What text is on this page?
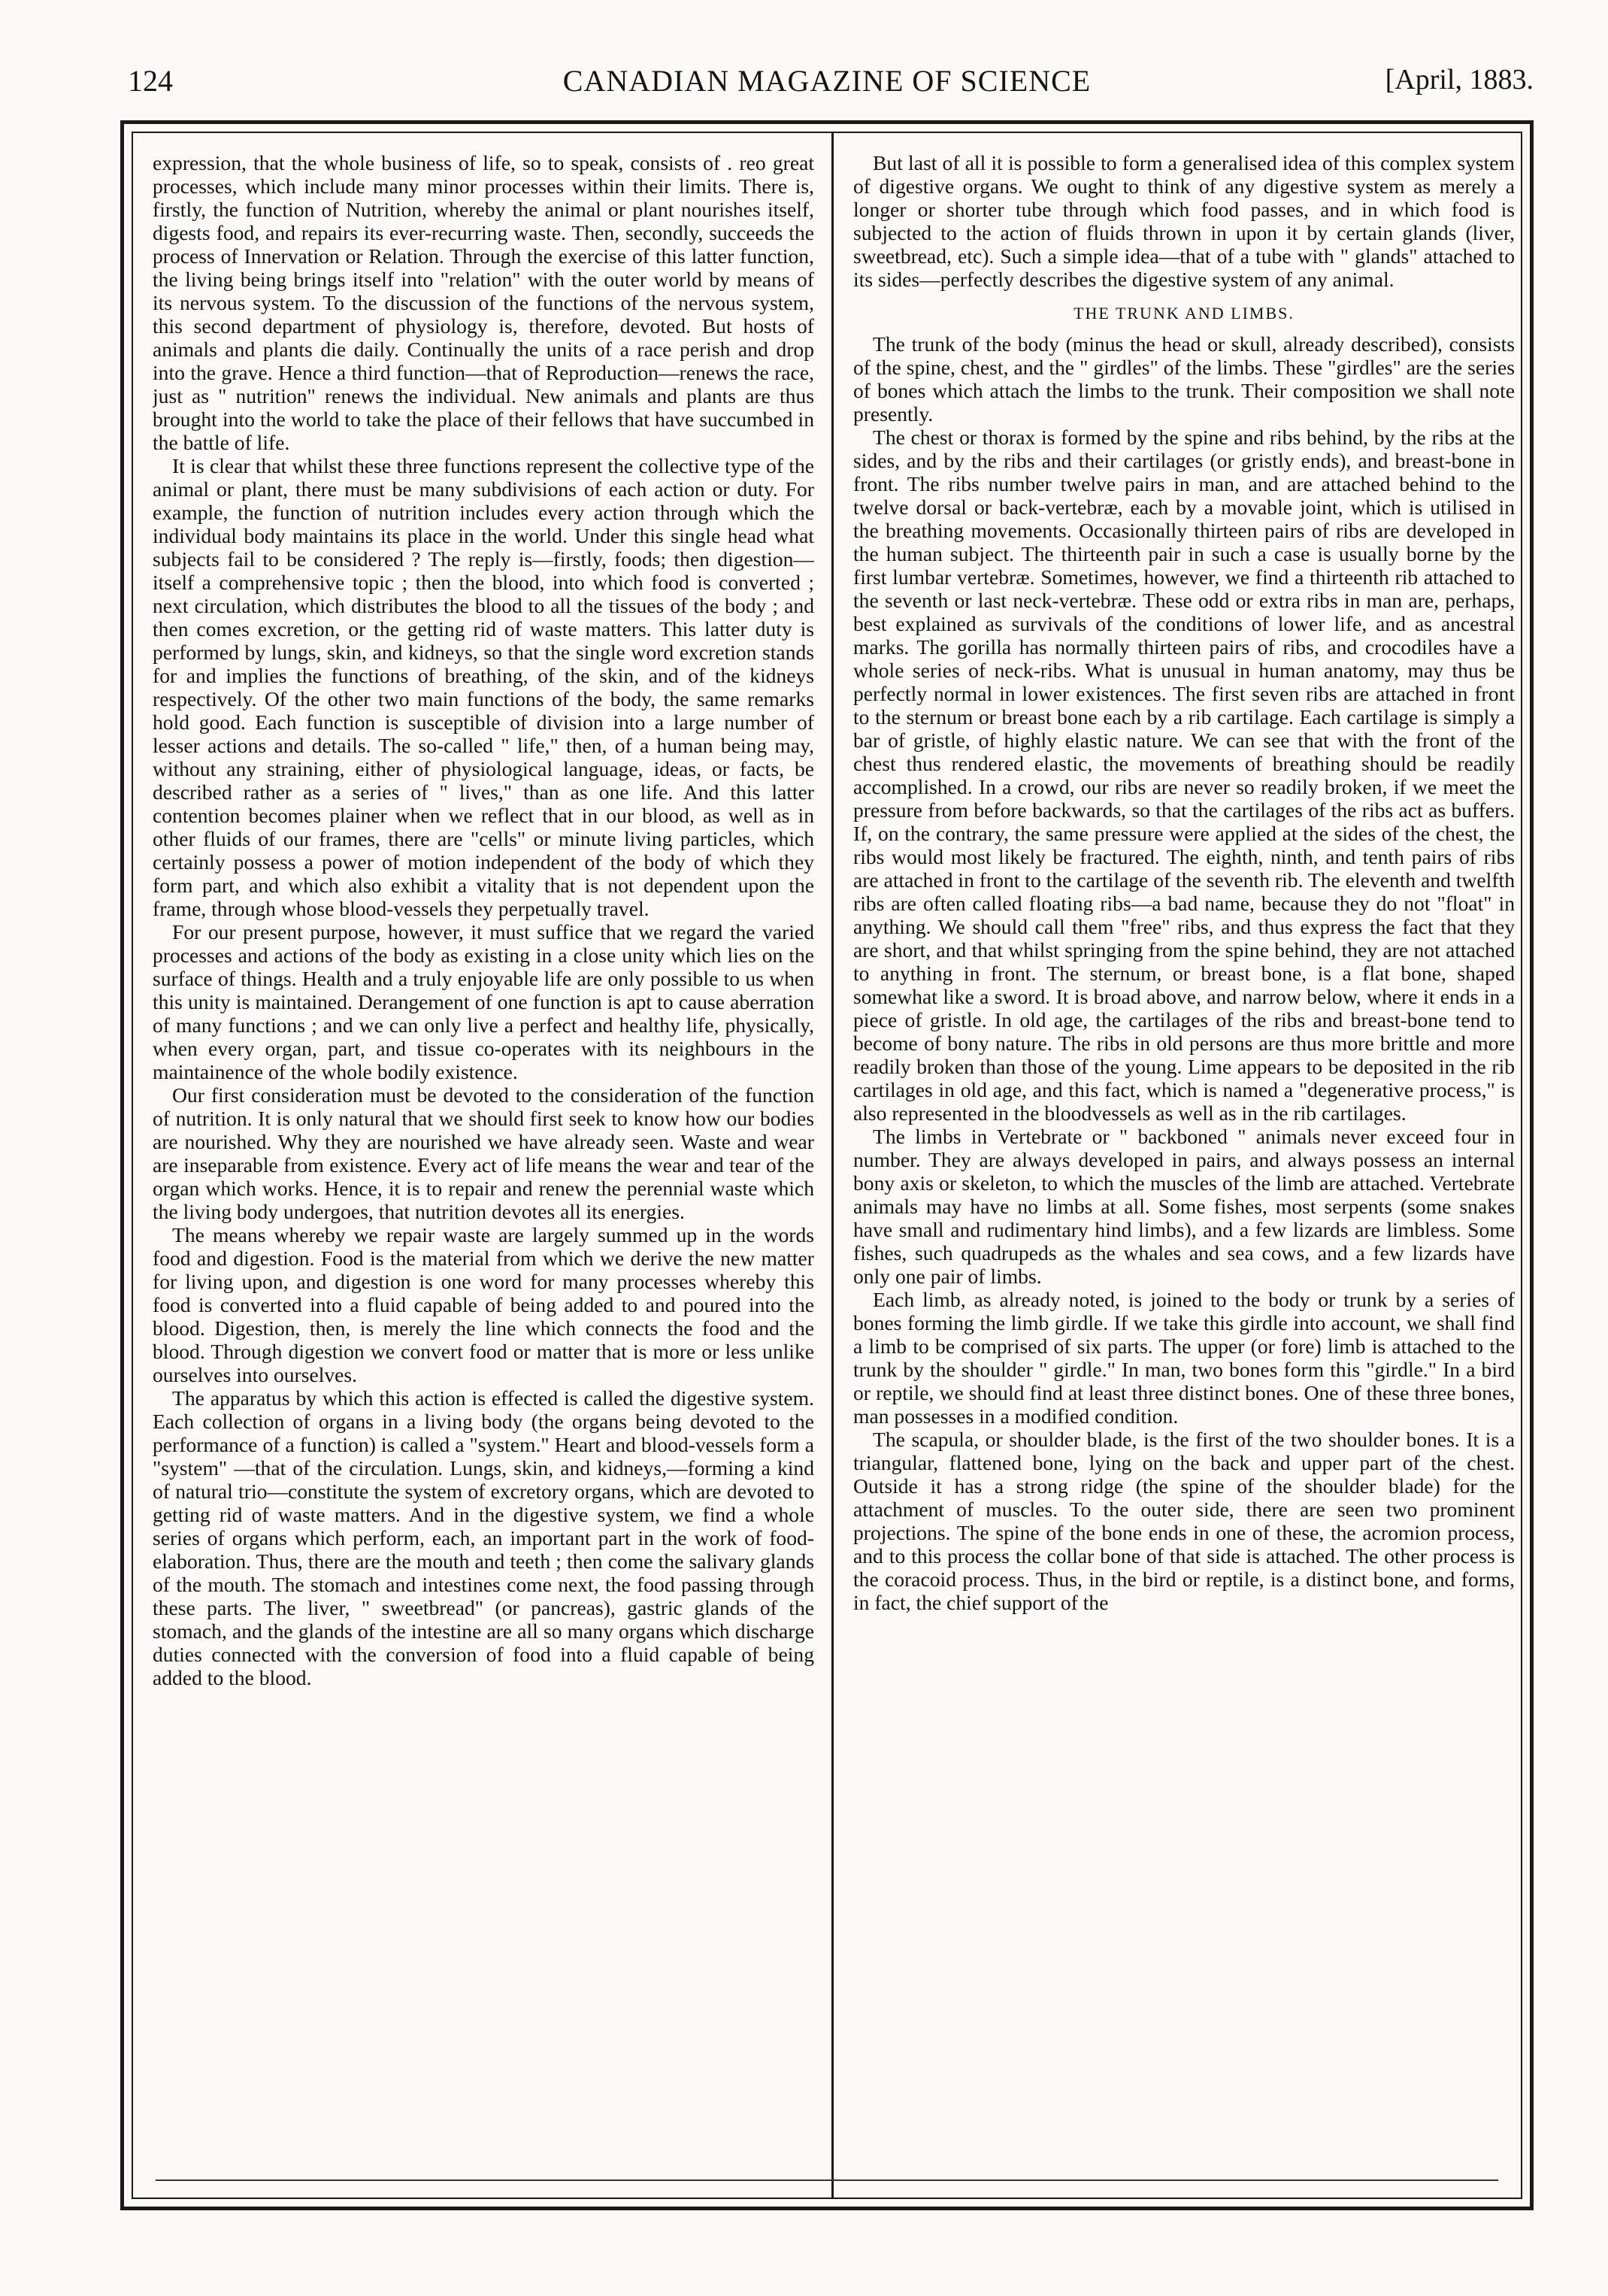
124	CANADIAN MAGAZINE OF SCIENCE	[April, 1883.

expression, that the whole business of life, so to speak, consists of . reo great processes, which include many minor processes within their limits. There is, firstly, the function of Nutrition, whereby the animal or plant nourishes itself, digests food, and repairs its ever-recurring waste. Then, secondly, succeeds the process of Innervation or Relation. Through the exercise of this latter function, the living being brings itself into "relation" with the outer world by means of its nervous system. To the discussion of the functions of the nervous system, this second department of physiology is, therefore, devoted. But hosts of animals and plants die daily. Continually the units of a race perish and drop into the grave. Hence a third function—that of Reproduction—renews the race, just as " nutrition" renews the individual. New animals and plants are thus brought into the world to take the place of their fellows that have succumbed in the battle of life.

It is clear that whilst these three functions represent the collective type of the animal or plant, there must be many subdivisions of each action or duty. For example, the function of nutrition includes every action through which the individual body maintains its place in the world. Under this single head what subjects fail to be considered ? The reply is—firstly, foods; then digestion—itself a comprehensive topic ; then the blood, into which food is converted ; next circulation, which distributes the blood to all the tissues of the body ; and then comes excretion, or the getting rid of waste matters. This latter duty is performed by lungs, skin, and kidneys, so that the single word excretion stands for and implies the functions of breathing, of the skin, and of the kidneys respectively. Of the other two main functions of the body, the same remarks hold good. Each function is susceptible of division into a large number of lesser actions and details. The so-called " life," then, of a human being may, without any straining, either of physiological language, ideas, or facts, be described rather as a series of " lives," than as one life. And this latter contention becomes plainer when we reflect that in our blood, as well as in other fluids of our frames, there are "cells" or minute living particles, which certainly possess a power of motion independent of the body of which they form part, and which also exhibit a vitality that is not dependent upon the frame, through whose blood-vessels they perpetually travel.

For our present purpose, however, it must suffice that we regard the varied processes and actions of the body as existing in a close unity which lies on the surface of things. Health and a truly enjoyable life are only possible to us when this unity is maintained. Derangement of one function is apt to cause aberration of many functions ; and we can only live a perfect and healthy life, physically, when every organ, part, and tissue co-operates with its neighbours in the maintainence of the whole bodily existence.

Our first consideration must be devoted to the consideration of the function of nutrition. It is only natural that we should first seek to know how our bodies are nourished. Why they are nourished we have already seen. Waste and wear are inseparable from existence. Every act of life means the wear and tear of the organ which works. Hence, it is to repair and renew the perennial waste which the living body undergoes, that nutrition devotes all its energies.

The means whereby we repair waste are largely summed up in the words food and digestion. Food is the material from which we derive the new matter for living upon, and digestion is one word for many processes whereby this food is converted into a fluid capable of being added to and poured into the blood. Digestion, then, is merely the line which connects the food and the blood. Through digestion we convert food or matter that is more or less unlike ourselves into ourselves.

The apparatus by which this action is effected is called the digestive system. Each collection of organs in a living body (the organs being devoted to the performance of a function) is called a "system." Heart and blood-vessels form a "system" —that of the circulation. Lungs, skin, and kidneys,—forming a kind of natural trio—constitute the system of excretory organs, which are devoted to getting rid of waste matters. And in the digestive system, we find a whole series of organs which perform, each, an important part in the work of food-elaboration. Thus, there are the mouth and teeth ; then come the salivary glands of the mouth. The stomach and intestines come next, the food passing through these parts. The liver, " sweetbread" (or pancreas), gastric glands of the stomach, and the glands of the intestine are all so many organs which discharge duties connected with the conversion of food into a fluid capable of being added to the blood.

But last of all it is possible to form a generalised idea of this complex system of digestive organs. We ought to think of any digestive system as merely a longer or shorter tube through which food passes, and in which food is subjected to the action of fluids thrown in upon it by certain glands (liver, sweetbread, etc). Such a simple idea—that of a tube with " glands" attached to its sides—perfectly describes the digestive system of any animal.

THE TRUNK AND LIMBS.

The trunk of the body (minus the head or skull, already described), consists of the spine, chest, and the " girdles" of the limbs. These "girdles" are the series of bones which attach the limbs to the trunk. Their composition we shall note presently.

The chest or thorax is formed by the spine and ribs behind, by the ribs at the sides, and by the ribs and their cartilages (or gristly ends), and breast-bone in front. The ribs number twelve pairs in man, and are attached behind to the twelve dorsal or back-vertebræ, each by a movable joint, which is utilised in the breathing movements. Occasionally thirteen pairs of ribs are developed in the human subject. The thirteenth pair in such a case is usually borne by the first lumbar vertebræ. Sometimes, however, we find a thirteenth rib attached to the seventh or last neck-vertebræ. These odd or extra ribs in man are, perhaps, best explained as survivals of the conditions of lower life, and as ancestral marks. The gorilla has normally thirteen pairs of ribs, and crocodiles have a whole series of neck-ribs. What is unusual in human anatomy, may thus be perfectly normal in lower existences. The first seven ribs are attached in front to the sternum or breast bone each by a rib cartilage. Each cartilage is simply a bar of gristle, of highly elastic nature. We can see that with the front of the chest thus rendered elastic, the movements of breathing should be readily accomplished. In a crowd, our ribs are never so readily broken, if we meet the pressure from before backwards, so that the cartilages of the ribs act as buffers. If, on the contrary, the same pressure were applied at the sides of the chest, the ribs would most likely be fractured. The eighth, ninth, and tenth pairs of ribs are attached in front to the cartilage of the seventh rib. The eleventh and twelfth ribs are often called floating ribs—a bad name, because they do not "float" in anything. We should call them "free" ribs, and thus express the fact that they are short, and that whilst springing from the spine behind, they are not attached to anything in front. The sternum, or breast bone, is a flat bone, shaped somewhat like a sword. It is broad above, and narrow below, where it ends in a piece of gristle. In old age, the cartilages of the ribs and breast-bone tend to become of bony nature. The ribs in old persons are thus more brittle and more readily broken than those of the young. Lime appears to be deposited in the rib cartilages in old age, and this fact, which is named a "degenerative process," is also represented in the bloodvessels as well as in the rib cartilages.

The limbs in Vertebrate or " backboned " animals never exceed four in number. They are always developed in pairs, and always possess an internal bony axis or skeleton, to which the muscles of the limb are attached. Vertebrate animals may have no limbs at all. Some fishes, most serpents (some snakes have small and rudimentary hind limbs), and a few lizards are limbless. Some fishes, such quadrupeds as the whales and sea cows, and a few lizards have only one pair of limbs.

Each limb, as already noted, is joined to the body or trunk by a series of bones forming the limb girdle. If we take this girdle into account, we shall find a limb to be comprised of six parts. The upper (or fore) limb is attached to the trunk by the shoulder " girdle." In man, two bones form this "girdle." In a bird or reptile, we should find at least three distinct bones. One of these three bones, man possesses in a modified condition.

The scapula, or shoulder blade, is the first of the two shoulder bones. It is a triangular, flattened bone, lying on the back and upper part of the chest. Outside it has a strong ridge (the spine of the shoulder blade) for the attachment of muscles. To the outer side, there are seen two prominent projections. The spine of the bone ends in one of these, the acromion process, and to this process the collar bone of that side is attached. The other process is the coracoid process. Thus, in the bird or reptile, is a distinct bone, and forms, in fact, the chief support of the
